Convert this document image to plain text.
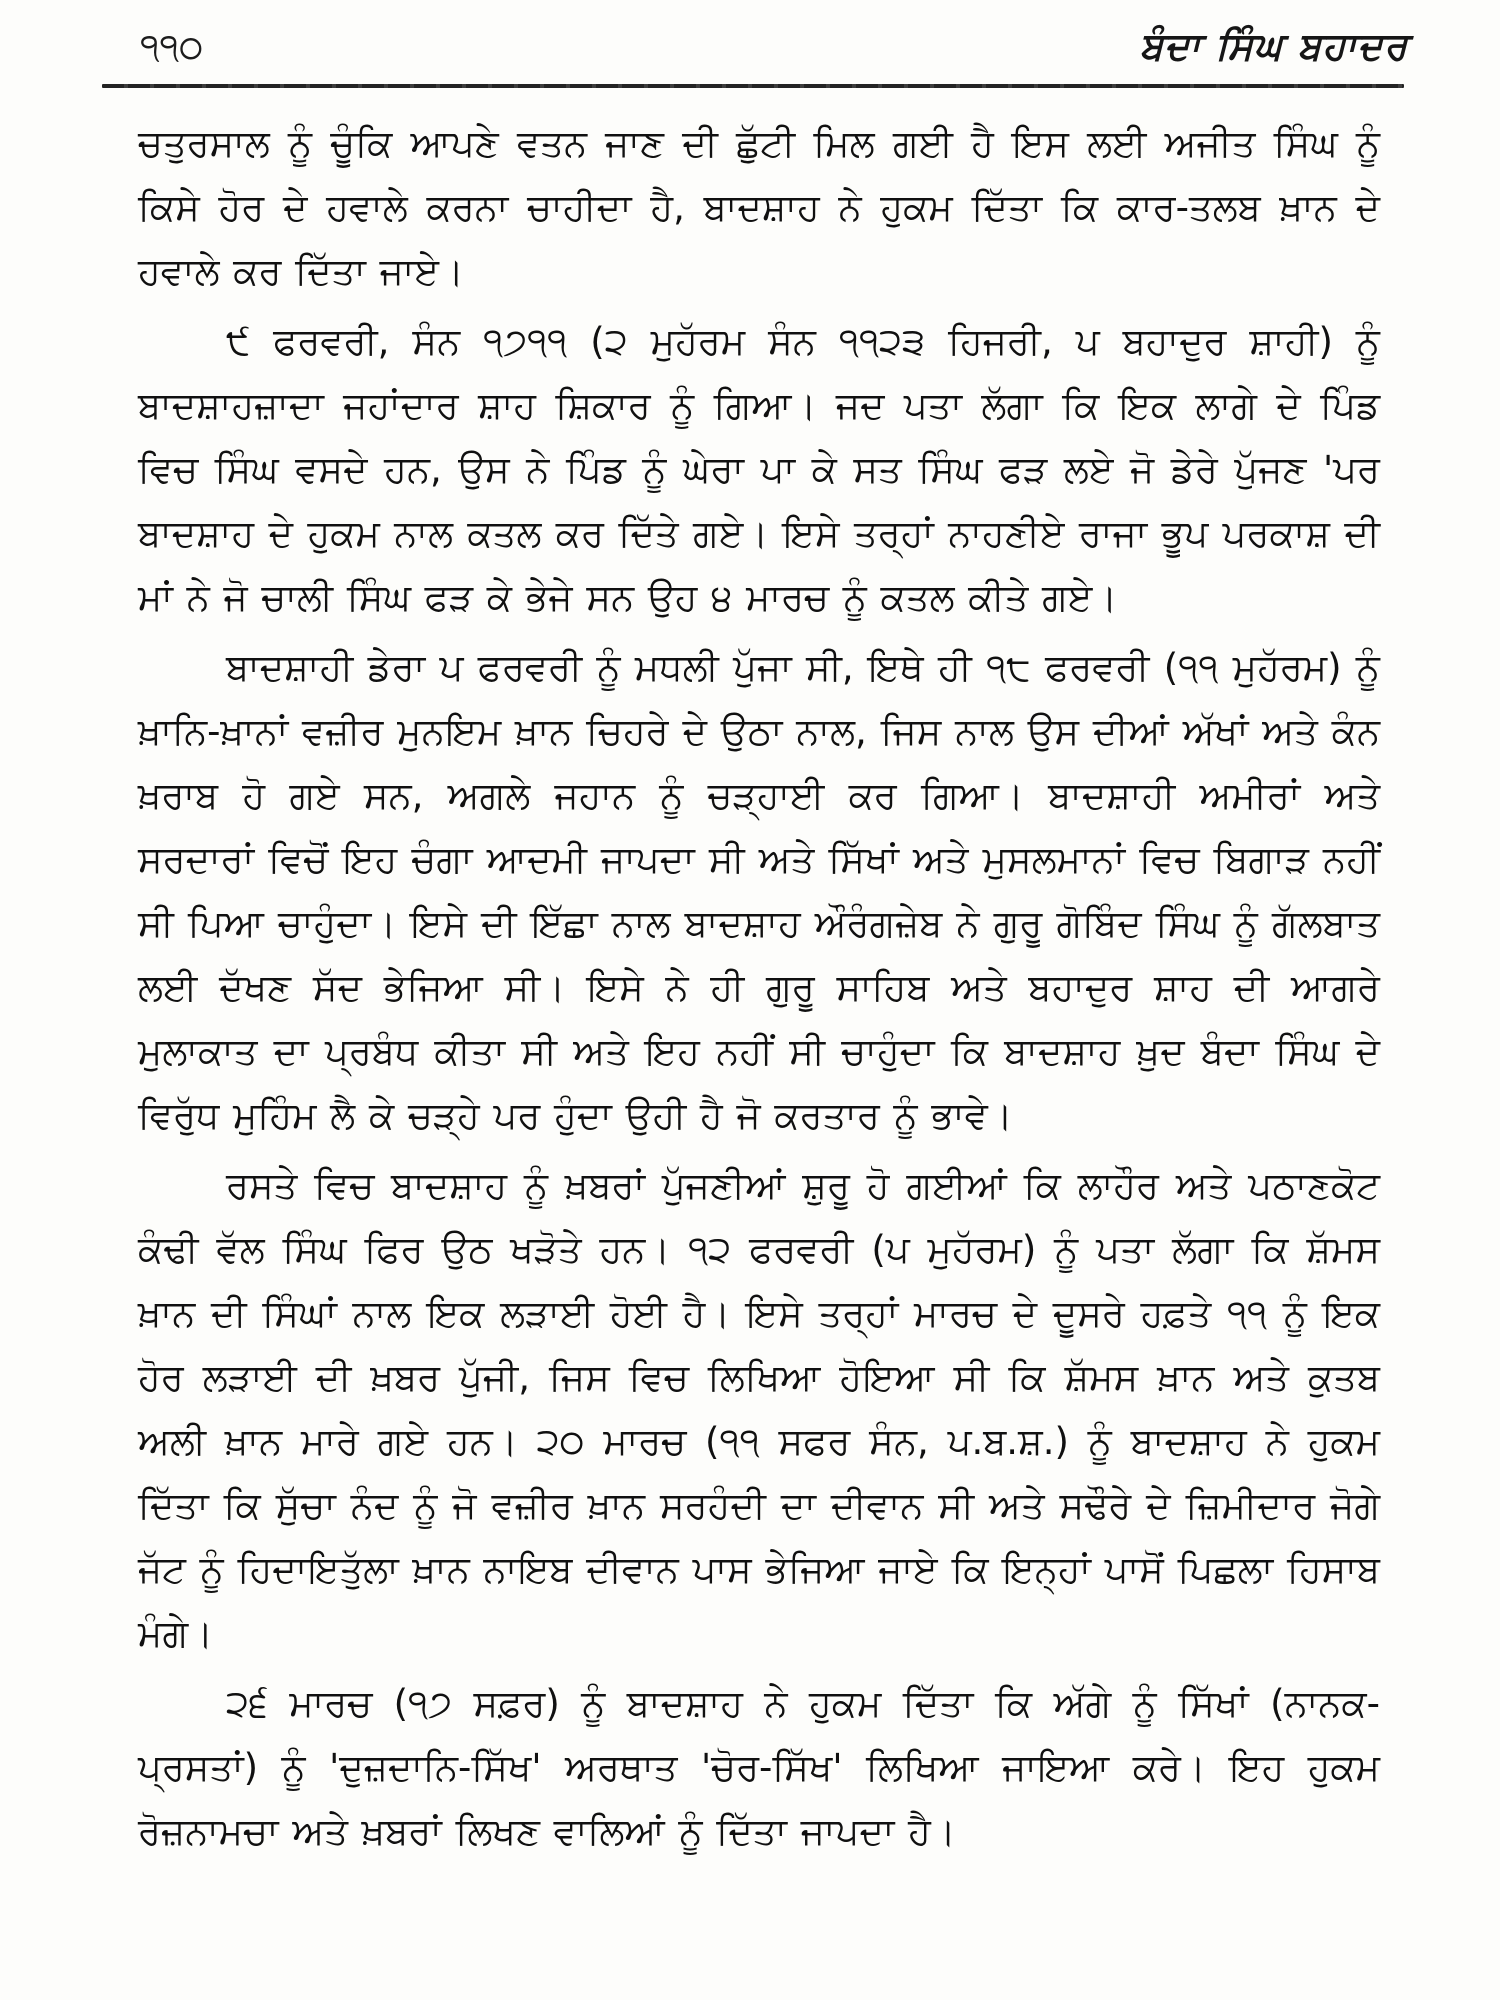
੧੧੦	ਬੰਦਾ ਸਿੰਘ ਬਹਾਦਰ

ਚਤੁਰਸਾਲ ਨੂੰ ਚੂੰਕਿ ਆਪਣੇ ਵਤਨ ਜਾਣ ਦੀ ਛੁੱਟੀ ਮਿਲ ਗਈ ਹੈ ਇਸ ਲਈ ਅਜੀਤ ਸਿੰਘ ਨੂੰ ਕਿਸੇ ਹੋਰ ਦੇ ਹਵਾਲੇ ਕਰਨਾ ਚਾਹੀਦਾ ਹੈ, ਬਾਦਸ਼ਾਹ ਨੇ ਹੁਕਮ ਦਿੱਤਾ ਕਿ ਕਾਰ-ਤਲਬ ਖ਼ਾਨ ਦੇ ਹਵਾਲੇ ਕਰ ਦਿੱਤਾ ਜਾਏ।

੯ ਫਰਵਰੀ, ਸੰਨ ੧੭੧੧ (੨ ਮੁਹੱਰਮ ਸੰਨ ੧੧੨੩ ਹਿਜਰੀ, ਪ ਬਹਾਦੁਰ ਸ਼ਾਹੀ) ਨੂੰ ਬਾਦਸ਼ਾਹਜ਼ਾਦਾ ਜਹਾਂਦਾਰ ਸ਼ਾਹ ਸ਼ਿਕਾਰ ਨੂੰ ਗਿਆ। ਜਦ ਪਤਾ ਲੱਗਾ ਕਿ ਇਕ ਲਾਗੇ ਦੇ ਪਿੰਡ ਵਿਚ ਸਿੰਘ ਵਸਦੇ ਹਨ, ਉਸ ਨੇ ਪਿੰਡ ਨੂੰ ਘੇਰਾ ਪਾ ਕੇ ਸਤ ਸਿੰਘ ਫੜ ਲਏ ਜੋ ਡੇਰੇ ਪੁੱਜਣ 'ਪਰ ਬਾਦਸ਼ਾਹ ਦੇ ਹੁਕਮ ਨਾਲ ਕਤਲ ਕਰ ਦਿੱਤੇ ਗਏ। ਇਸੇ ਤਰ੍ਹਾਂ ਨਾਹਣੀਏ ਰਾਜਾ ਭੂਪ ਪਰਕਾਸ਼ ਦੀ ਮਾਂ ਨੇ ਜੋ ਚਾਲੀ ਸਿੰਘ ਫੜ ਕੇ ਭੇਜੇ ਸਨ ਉਹ ੪ ਮਾਰਚ ਨੂੰ ਕਤਲ ਕੀਤੇ ਗਏ।

ਬਾਦਸ਼ਾਹੀ ਡੇਰਾ ਪ ਫਰਵਰੀ ਨੂੰ ਮਧਲੀ ਪੁੱਜਾ ਸੀ, ਇਥੇ ਹੀ ੧੮ ਫਰਵਰੀ (੧੧ ਮੁਹੱਰਮ) ਨੂੰ ਖ਼ਾਨਿ-ਖ਼ਾਨਾਂ ਵਜ਼ੀਰ ਮੁਨਇਮ ਖ਼ਾਨ ਚਿਹਰੇ ਦੇ ਉਠਾ ਨਾਲ, ਜਿਸ ਨਾਲ ਉਸ ਦੀਆਂ ਅੱਖਾਂ ਅਤੇ ਕੰਨ ਖ਼ਰਾਬ ਹੋ ਗਏ ਸਨ, ਅਗਲੇ ਜਹਾਨ ਨੂੰ ਚੜ੍ਹਾਈ ਕਰ ਗਿਆ। ਬਾਦਸ਼ਾਹੀ ਅਮੀਰਾਂ ਅਤੇ ਸਰਦਾਰਾਂ ਵਿਚੋਂ ਇਹ ਚੰਗਾ ਆਦਮੀ ਜਾਪਦਾ ਸੀ ਅਤੇ ਸਿੱਖਾਂ ਅਤੇ ਮੁਸਲਮਾਨਾਂ ਵਿਚ ਬਿਗਾੜ ਨਹੀਂ ਸੀ ਪਿਆ ਚਾਹੁੰਦਾ। ਇਸੇ ਦੀ ਇੱਛਾ ਨਾਲ ਬਾਦਸ਼ਾਹ ਔਰੰਗਜ਼ੇਬ ਨੇ ਗੁਰੂ ਗੋਬਿੰਦ ਸਿੰਘ ਨੂੰ ਗੱਲਬਾਤ ਲਈ ਦੱਖਣ ਸੱਦ ਭੇਜਿਆ ਸੀ। ਇਸੇ ਨੇ ਹੀ ਗੁਰੂ ਸਾਹਿਬ ਅਤੇ ਬਹਾਦੁਰ ਸ਼ਾਹ ਦੀ ਆਗਰੇ ਮੁਲਾਕਾਤ ਦਾ ਪ੍ਰਬੰਧ ਕੀਤਾ ਸੀ ਅਤੇ ਇਹ ਨਹੀਂ ਸੀ ਚਾਹੁੰਦਾ ਕਿ ਬਾਦਸ਼ਾਹ ਖ਼ੁਦ ਬੰਦਾ ਸਿੰਘ ਦੇ ਵਿਰੁੱਧ ਮੁਹਿੰਮ ਲੈ ਕੇ ਚੜ੍ਹੇ ਪਰ ਹੁੰਦਾ ਉਹੀ ਹੈ ਜੋ ਕਰਤਾਰ ਨੂੰ ਭਾਵੇ।

ਰਸਤੇ ਵਿਚ ਬਾਦਸ਼ਾਹ ਨੂੰ ਖ਼ਬਰਾਂ ਪੁੱਜਣੀਆਂ ਸ਼ੁਰੂ ਹੋ ਗਈਆਂ ਕਿ ਲਾਹੌਰ ਅਤੇ ਪਠਾਣਕੋਟ ਕੰਢੀ ਵੱਲ ਸਿੰਘ ਫਿਰ ਉਠ ਖੜੋਤੇ ਹਨ। ੧੨ ਫਰਵਰੀ (ਪ ਮੁਹੱਰਮ) ਨੂੰ ਪਤਾ ਲੱਗਾ ਕਿ ਸ਼ੱਮਸ ਖ਼ਾਨ ਦੀ ਸਿੰਘਾਂ ਨਾਲ ਇਕ ਲੜਾਈ ਹੋਈ ਹੈ। ਇਸੇ ਤਰ੍ਹਾਂ ਮਾਰਚ ਦੇ ਦੂਸਰੇ ਹਫ਼ਤੇ ੧੧ ਨੂੰ ਇਕ ਹੋਰ ਲੜਾਈ ਦੀ ਖ਼ਬਰ ਪੁੱਜੀ, ਜਿਸ ਵਿਚ ਲਿਖਿਆ ਹੋਇਆ ਸੀ ਕਿ ਸ਼ੱਮਸ ਖ਼ਾਨ ਅਤੇ ਕੁਤਬ ਅਲੀ ਖ਼ਾਨ ਮਾਰੇ ਗਏ ਹਨ। ੨੦ ਮਾਰਚ (੧੧ ਸਫਰ ਸੰਨ, ਪ.ਬ.ਸ਼.) ਨੂੰ ਬਾਦਸ਼ਾਹ ਨੇ ਹੁਕਮ ਦਿੱਤਾ ਕਿ ਸੁੱਚਾ ਨੰਦ ਨੂੰ ਜੋ ਵਜ਼ੀਰ ਖ਼ਾਨ ਸਰਹੰਦੀ ਦਾ ਦੀਵਾਨ ਸੀ ਅਤੇ ਸਢੌਰੇ ਦੇ ਜ਼ਿਮੀਦਾਰ ਜੋਗੇ ਜੱਟ ਨੂੰ ਹਿਦਾਇਤੁੱਲਾ ਖ਼ਾਨ ਨਾਇਬ ਦੀਵਾਨ ਪਾਸ ਭੇਜਿਆ ਜਾਏ ਕਿ ਇਨ੍ਹਾਂ ਪਾਸੋਂ ਪਿਛਲਾ ਹਿਸਾਬ ਮੰਗੇ।

੨੬ ਮਾਰਚ (੧੭ ਸਫ਼ਰ) ਨੂੰ ਬਾਦਸ਼ਾਹ ਨੇ ਹੁਕਮ ਦਿੱਤਾ ਕਿ ਅੱਗੇ ਨੂੰ ਸਿੱਖਾਂ (ਨਾਨਕ-ਪ੍ਰਸਤਾਂ) ਨੂੰ 'ਦੁਜ਼ਦਾਨਿ-ਸਿੱਖ' ਅਰਥਾਤ 'ਚੋਰ-ਸਿੱਖ' ਲਿਖਿਆ ਜਾਇਆ ਕਰੇ। ਇਹ ਹੁਕਮ ਰੋਜ਼ਨਾਮਚਾ ਅਤੇ ਖ਼ਬਰਾਂ ਲਿਖਣ ਵਾਲਿਆਂ ਨੂੰ ਦਿੱਤਾ ਜਾਪਦਾ ਹੈ।
